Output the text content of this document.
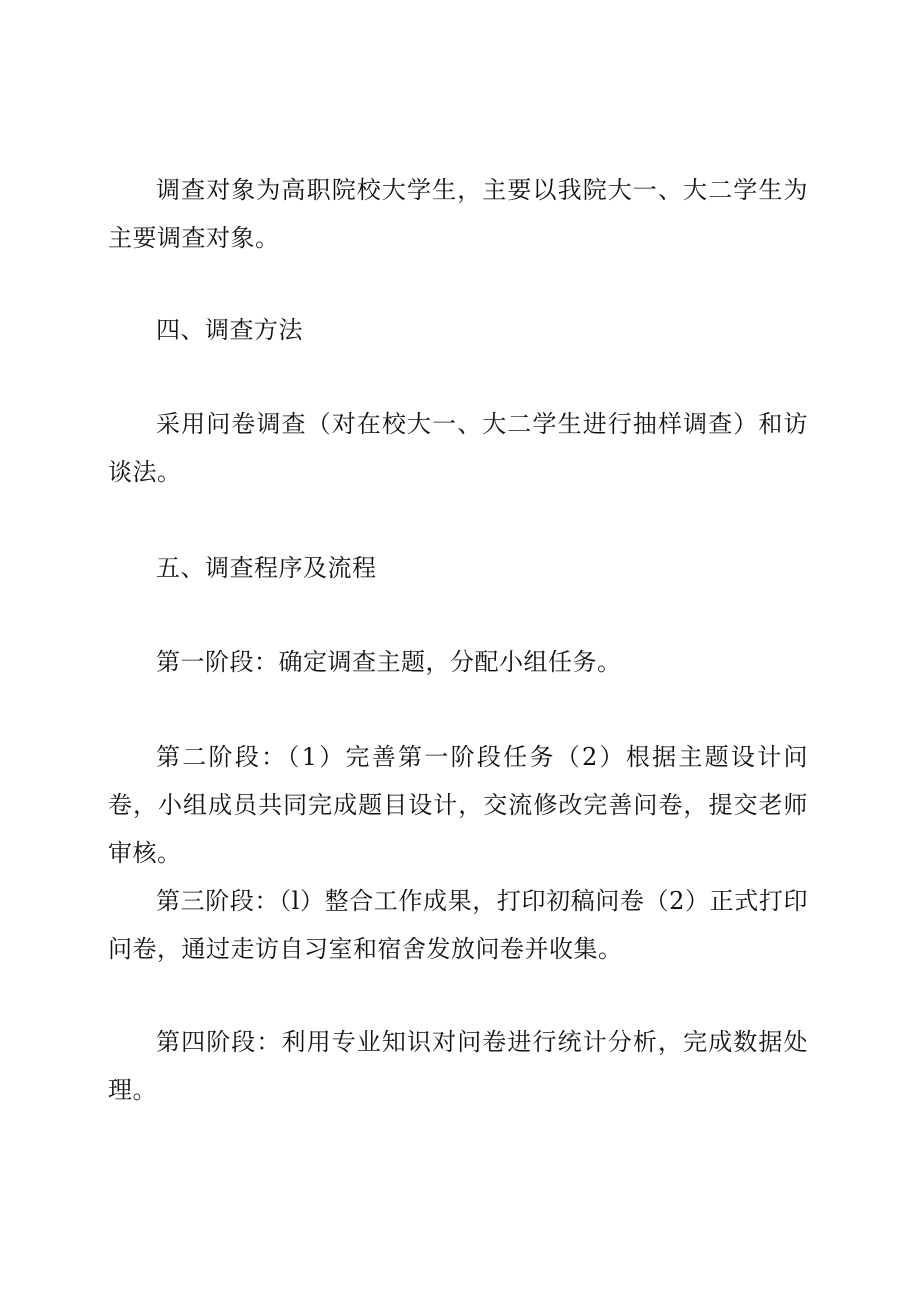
调查对象为高职院校大学生，主要以我院大一、大二学生为主要调查对象。

四、调查方法

采用问卷调查（对在校大一、大二学生进行抽样调查）和访谈法。

五、调查程序及流程

第一阶段：确定调查主题，分配小组任务。

第二阶段：（1）完善第一阶段任务（2）根据主题设计问卷，小组成员共同完成题目设计，交流修改完善问卷，提交老师审核。

第三阶段：（l）整合工作成果，打印初稿问卷（2）正式打印问卷，通过走访自习室和宿舍发放问卷并收集。

第四阶段：利用专业知识对问卷进行统计分析，完成数据处理。
